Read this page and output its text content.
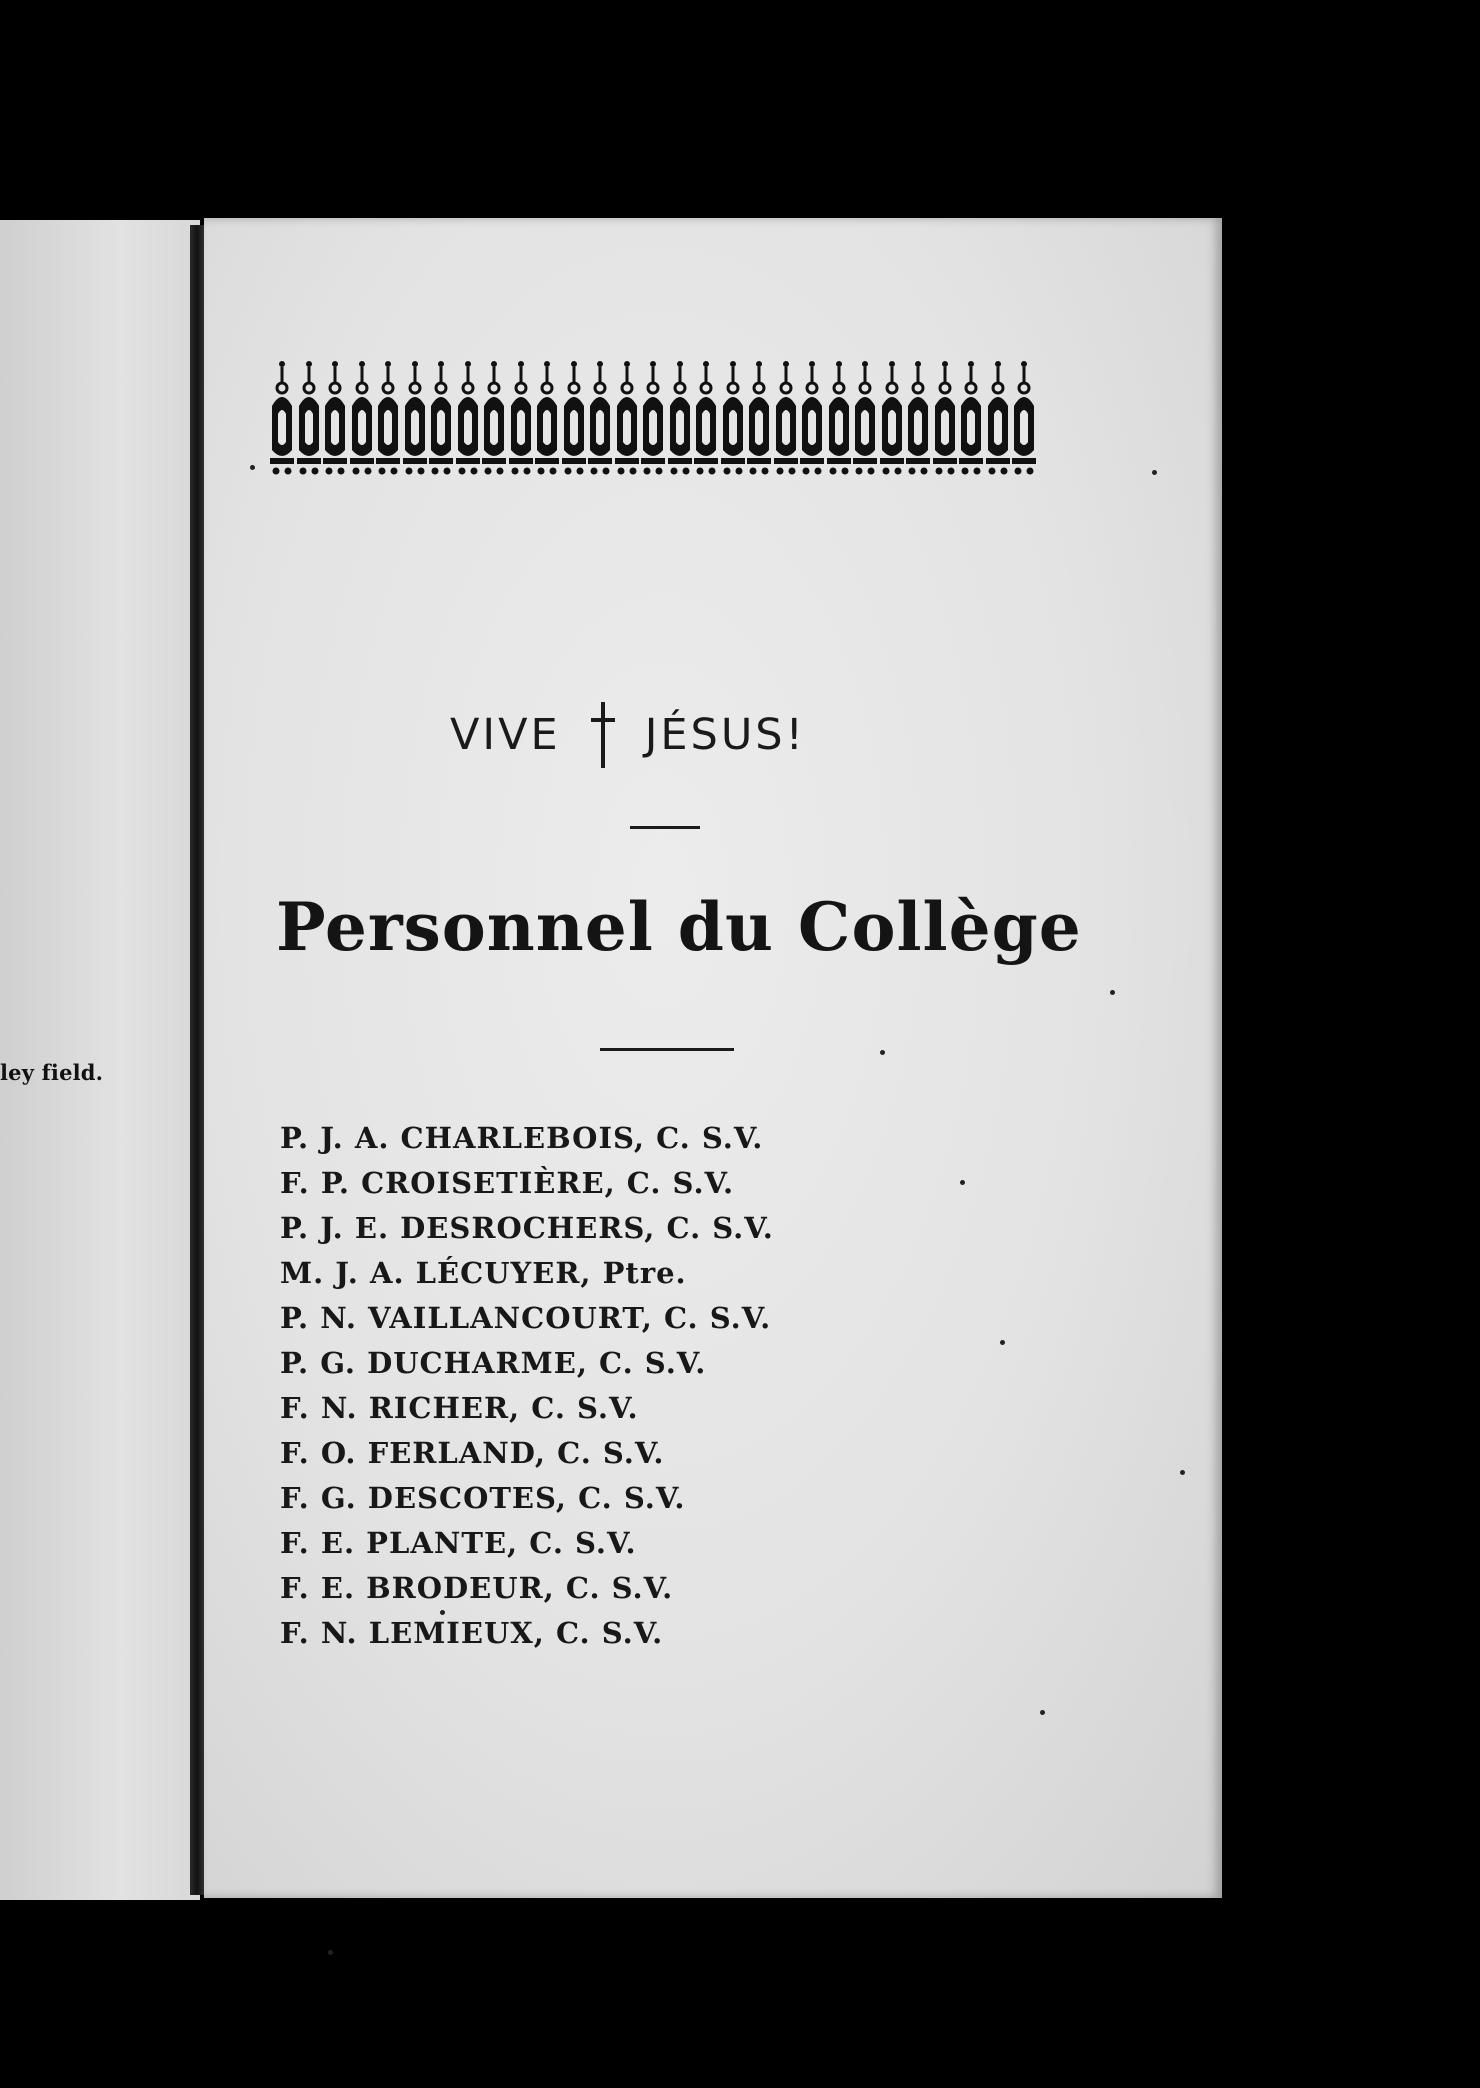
ley field.
VIVE JÉSUS!
Personnel du Collège
P. J. A. CHARLEBOIS, C. S.V.
F. P. CROISETIÈRE, C. S.V.
P. J. E. DESROCHERS, C. S.V.
M. J. A. LÉCUYER, Ptre.
P. N. VAILLANCOURT, C. S.V.
P. G. DUCHARME, C. S.V.
F. N. RICHER, C. S.V.
F. O. FERLAND, C. S.V.
F. G. DESCOTES, C. S.V.
F. E. PLANTE, C. S.V.
F. E. BRODEUR, C. S.V.
F. N. LEMIEUX, C. S.V.
